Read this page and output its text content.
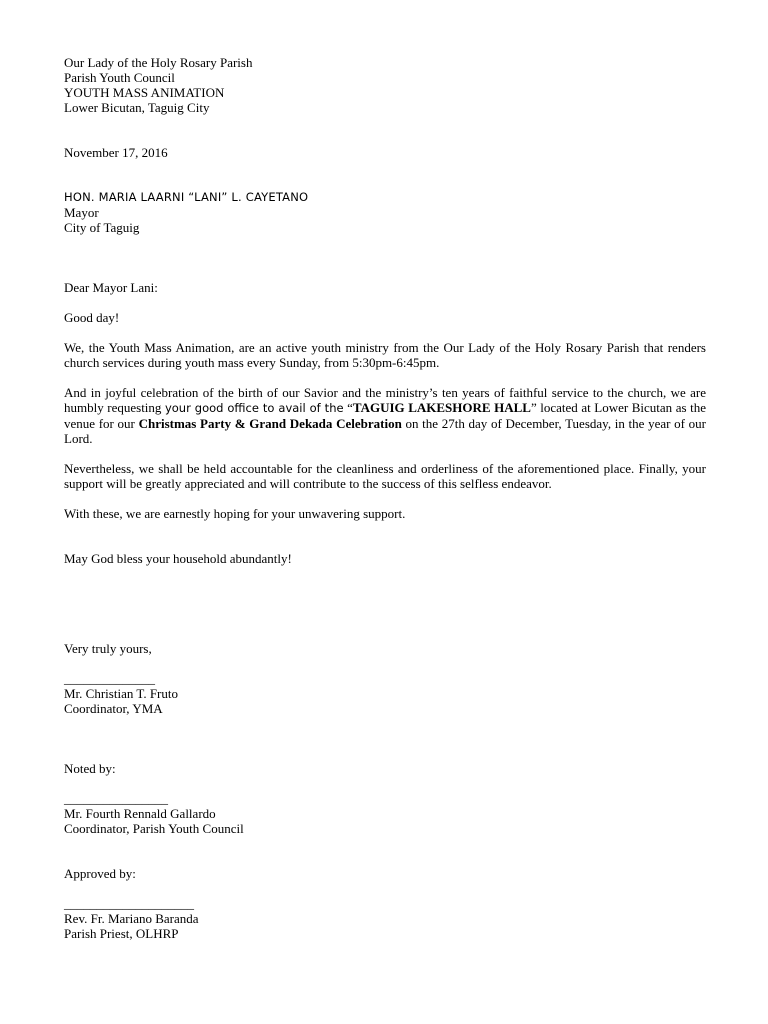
Our Lady of the Holy Rosary Parish
Parish Youth Council
YOUTH MASS ANIMATION
Lower Bicutan, Taguig City
November 17, 2016
HON. MARIA LAARNI “LANI” L. CAYETANO
Mayor
City of Taguig
Dear Mayor Lani:
Good day!

We, the Youth Mass Animation, are an active youth ministry from the Our Lady of the Holy Rosary Parish that renders church services during youth mass every Sunday, from 5:30pm-6:45pm.

And in joyful celebration of the birth of our Savior and the ministry’s ten years of faithful service to the church, we are humbly requesting your good office to avail of the “TAGUIG LAKESHORE HALL” located at Lower Bicutan as the venue for our Christmas Party & Grand Dekada Celebration on the 27th day of December, Tuesday, in the year of our Lord.

Nevertheless, we shall be held accountable for the cleanliness and orderliness of the aforementioned place. Finally, your support will be greatly appreciated and will contribute to the success of this selfless endeavor.

With these, we are earnestly hoping for your unwavering support.
May God bless your household abundantly!
Very truly yours,
______________
Mr. Christian T. Fruto
Coordinator, YMA
Noted by:
________________
Mr. Fourth Rennald Gallardo
Coordinator, Parish Youth Council
Approved by:
____________________
Rev. Fr. Mariano Baranda
Parish Priest, OLHRP
